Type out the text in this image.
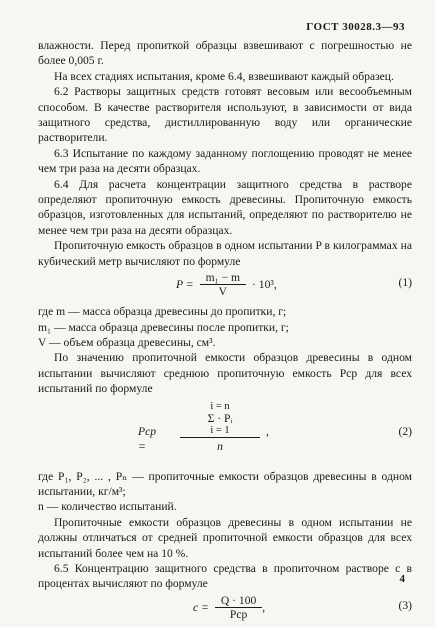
ГОСТ 30028.3—93

влажности. Перед пропиткой образцы взвешивают с погрешностью не более 0,005 г.

На всех стадиях испытания, кроме 6.4, взвешивают каждый образец.

6.2 Растворы защитных средств готовят весовым или весообъемным способом. В качестве растворителя используют, в зависимости от вида защитного средства, дистиллированную воду или органические растворители.

6.3 Испытание по каждому заданному поглощению проводят не менее чем три раза на десяти образцах.

6.4 Для расчета концентрации защитного средства в растворе определяют пропиточную емкость древесины. Пропиточную емкость образцов, изготовленных для испытаний, определяют по растворителю не менее чем три раза на десяти образцах.

Пропиточную емкость образцов в одном испытании P в килограммах на кубический метр вычисляют по формуле

$P = \frac{\text{m₁ − m}}{V} \cdot 10^3$,	(1)

где m — масса образца древесины до пропитки, г;

m₁ — масса образца древесины после пропитки, г;

V — объем образца древесины, см³.

По значению пропиточной емкости образцов древесины в одном испытании вычисляют среднюю пропиточную емкость Pср для всех испытаний по формуле

Pср =
i = n
Σ · Pᵢ
i = 1
n
,	(2)

где P₁, P₂, ... , Pₙ — пропиточные емкости образцов древесины в одном испытании, кг/м³;

n — количество испытаний.

Пропиточные емкости образцов древесины в одном испытании не должны отличаться от средней пропиточной емкости образцов для всех испытаний более чем на 10 %.

6.5 Концентрацию защитного средства в пропиточном растворе c в процентах вычисляют по формуле

$c = \frac{Q \cdot 100}{\text{Pср}}$ ,	(3)
4
